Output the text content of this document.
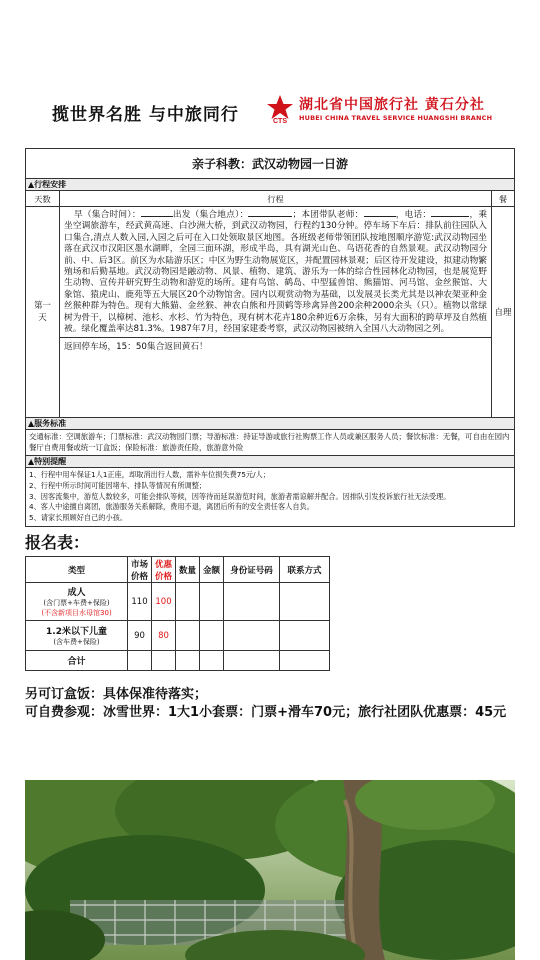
揽世界名胜 与中旅同行	CTS
湖北省中国旅行社 黄石分社
HUBEI CHINA TRAVEL SERVICE HUANGSHI BRANCH
亲子科教：武汉动物园一日游
▲行程安排
天数	行程	餐
第一天
早（集合时间）：	出发（集合地点）：	；本团带队老师：	，电话：	，乘坐空调旅游车，经武黄高速、白沙洲大桥，到武汉动物园，行程约130分钟。停车场下车后：排队前往园队入口集合,清点人数入园,入园之后可在入口处领取景区地图。各班级老师带领团队按地图顺序游览:武汉动物园坐落在武汉市汉阳区墨水湖畔，全园三面环湖，形成半岛，具有湖光山色、鸟语花香的自然景观。武汉动物园分前、中、后3区。前区为水陆游乐区；中区为野生动物展览区，并配置园林景观；后区待开发建设，拟建动物繁殖场和后勤基地。武汉动物园是融动物、风景、植物、建筑、游乐为一体的综合性园林化动物园，也是展览野生动物、宣传并研究野生动物和游览的场所。建有鸟馆、鹤岛、中型猛兽馆、熊猫馆、河马馆、金丝猴馆、大象馆、猿虎山、鹿苑等五大展区20个动物馆舍。园内以观赏动物为基础，以发展灵长类尤其是以神农架亚种金丝猴种群为特色。现有大熊猫、金丝猴、神农白熊和丹顶鹤等珍禽异兽200余种2000余头（只）。植物以常绿树为骨干，以樟树、池杉、水杉、竹为特色，现有树木花卉180余种近6万余株，另有大面积的跨草坪及自然植被。绿化覆盖率达81.3%。1987年7月，经国家建委考察，武汉动物园被纳入全国八大动物园之列。
返回停车场，15：50集合返回黄石！
自理
▲服务标准
交通标准：空调旅游车；门票标准：武汉动物园门票；导游标准：持证导游或旅行社购票工作人员或兼区服务人员；餐饮标准：无餐，可自由在园内餐厅自费用餐或统一订盒饭；保险标准：旅游责任险，旅游意外险
▲特别提醒
1、行程中用车保证1人1正座，却取消出行人数，需补车位损失费75元/人；
2、行程中所示时间可能因堵车、排队等情况有所调整；
3、因客流集中，游览人数较多，可能会排队等候，因等待而延误游览时间，旅游者需谅解并配合。因排队引发投诉旅行社无法受理。
4、客人中途擅自离团，旅游服务关系解除，费用不退，离团后所有的安全责任客人自负。
5、请家长照顾好自己的小孩。
报名表：
类型	市场价格	优惠价格	数量	金额	身份证号码	联系方式

成人
(含门票+车费+保险)
(不含新项目水母馆30)	110	100				

1.2米以下儿童
(含车费+保险)	90	80				
合计						
另可订盒饭：具体保准待落实；
可自费参观：冰雪世界：1大1小套票：门票+滑车70元；旅行社团队优惠票：45元
